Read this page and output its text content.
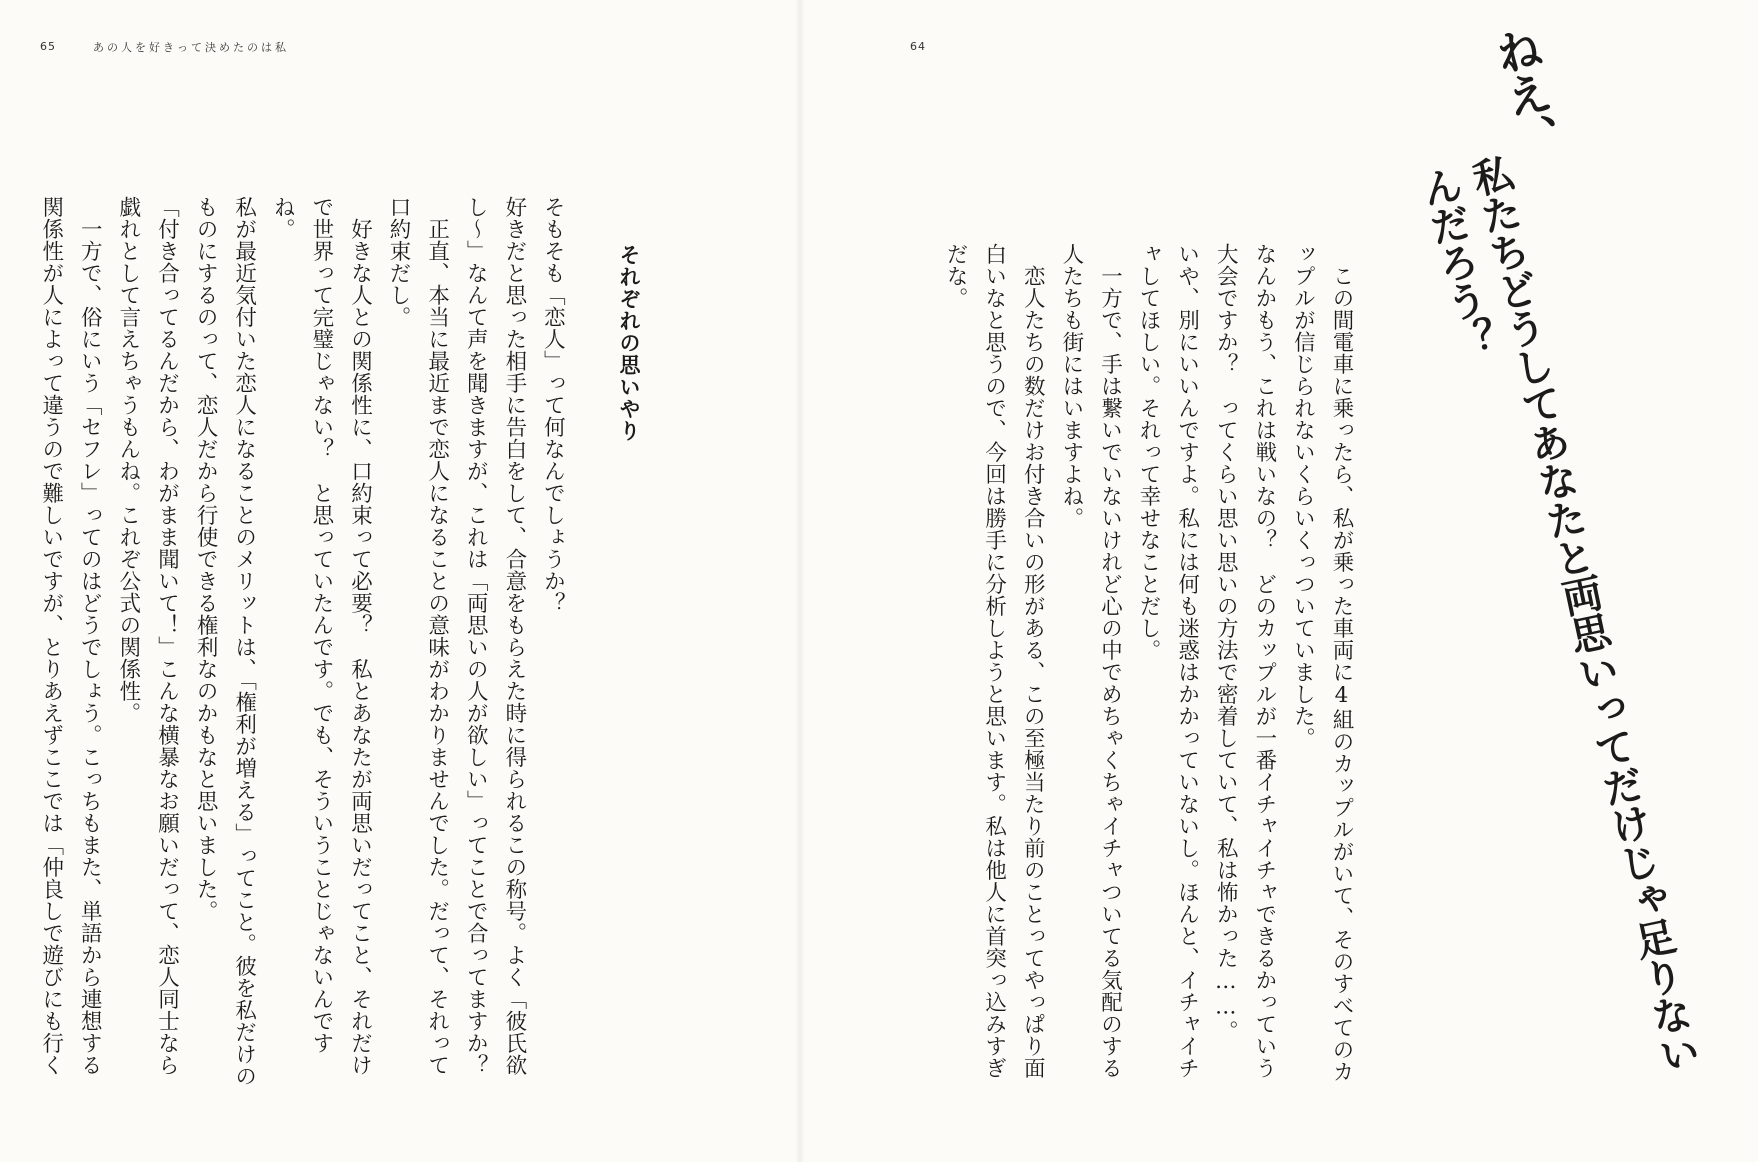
65	あの人を好きって決めたのは私

それぞれの思いやり

そもそも「恋人」って何なんでしょうか？

好きだと思った相手に告白をして、合意をもらえた時に得られるこの称号。よく「彼氏欲し〜」なんて声を聞きますが、これは「両思いの人が欲しい」ってことで合ってますか？

正直、本当に最近まで恋人になることの意味がわかりませんでした。だって、それって口約束だし。

好きな人との関係性に、口約束って必要？　私とあなたが両思いだってこと、それだけで世界って完璧じゃない？　と思っていたんです。でも、そういうことじゃないんですね。

私が最近気付いた恋人になることのメリットは、「権利が増える」ってこと。彼を私だけのものにするのって、恋人だから行使できる権利なのかもなと思いました。

「付き合ってるんだから、わがまま聞いて！」こんな横暴なお願いだって、恋人同士なら戯れとして言えちゃうもんね。これぞ公式の関係性。

一方で、俗にいう「セフレ」ってのはどうでしょう。こっちもまた、単語から連想する関係性が人によって違うので難しいですが、とりあえずここでは「仲良しで遊びにも行く

64	ねえ、
私たちどうしてあなたと両思いってだけじゃ足りないんだろう？

この間電車に乗ったら、私が乗った車両に4組のカップルがいて、そのすべてのカップルが信じられないくらいくっついていました。

なんかもう、これは戦いなの？　どのカップルが一番イチャイチャできるかっていう大会ですか？　ってくらい思い思いの方法で密着していて、私は怖かった……。

いや、別にいいんですよ。私には何も迷惑はかかっていないし。ほんと、イチャイチャしてほしい。それって幸せなことだし。

一方で、手は繋いでいないけれど心の中でめちゃくちゃイチャついてる気配のする人たちも街にはいますよね。

恋人たちの数だけお付き合いの形がある、この至極当たり前のことってやっぱり面白いなと思うので、今回は勝手に分析しようと思います。私は他人に首突っ込みすぎだな。
